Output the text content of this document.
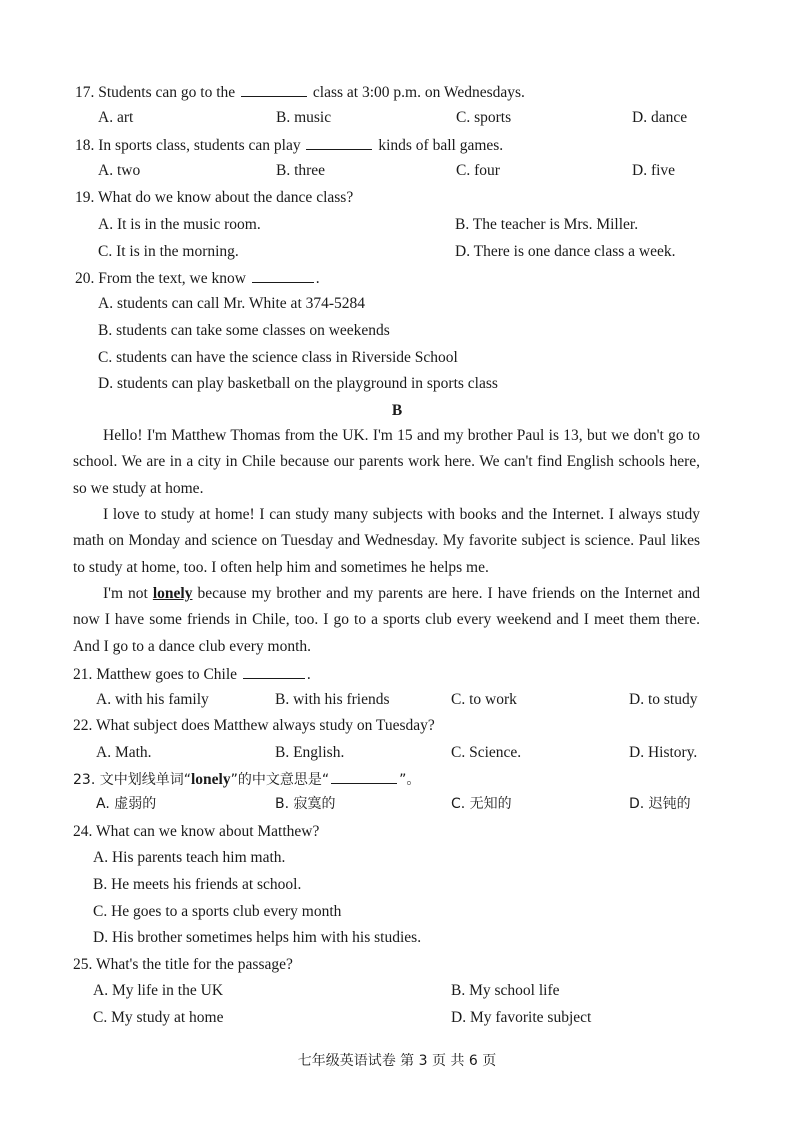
17. Students can go to the	class at 3:00 p.m. on Wednesdays.
A. art	B. music	C. sports	D. dance
18. In sports class, students can play	kinds of ball games.
A. two	B. three	C. four	D. five
19. What do we know about the dance class?
A. It is in the music room.	B. The teacher is Mrs. Miller.
C. It is in the morning.	D. There is one dance class a week.
20. From the text, we know	.
A. students can call Mr. White at 374-5284
B. students can take some classes on weekends
C. students can have the science class in Riverside School
D. students can play basketball on the playground in sports class
B
Hello! I'm Matthew Thomas from the UK. I'm 15 and my brother Paul is 13, but we don't go to school. We are in a city in Chile because our parents work here. We can't find English schools here, so we study at home.
I love to study at home! I can study many subjects with books and the Internet. I always study math on Monday and science on Tuesday and Wednesday. My favorite subject is science. Paul likes to study at home, too. I often help him and sometimes he helps me.
I'm not lonely because my brother and my parents are here. I have friends on the Internet and now I have some friends in Chile, too. I go to a sports club every weekend and I meet them there. And I go to a dance club every month.
21. Matthew goes to Chile	.
A. with his family	B. with his friends	C. to work	D. to study
22. What subject does Matthew always study on Tuesday?
A. Math.	B. English.	C. Science.	D. History.
23. 文中划线单词“lonely”的中文意思是“	”。
A. 虚弱的	B. 寂寞的	C. 无知的	D. 迟钝的
24. What can we know about Matthew?
A. His parents teach him math.
B. He meets his friends at school.
C. He goes to a sports club every month
D. His brother sometimes helps him with his studies.
25. What's the title for the passage?
A. My life in the UK	B. My school life
C. My study at home	D. My favorite subject
七年级英语试卷 第 3 页 共 6 页
